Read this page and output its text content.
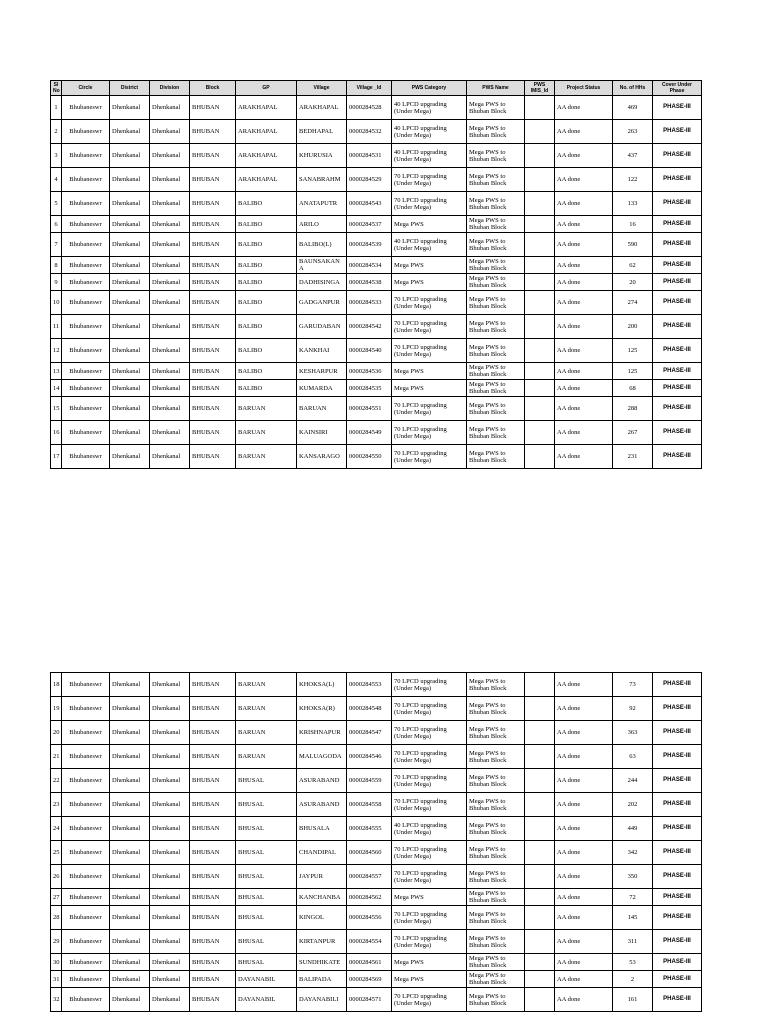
Sl No	Circle	District	Division	Block	GP	Village	Village _Id	PWS Category	PWS Name	PWS IMIS_Id	Project Status	No. of HHs	Cover Under Phase
1	Bhubaneswr	Dhenkanal	Dhenkanal	BHUBAN	ARAKHAPAL	ARAKHAPAL	0000284528	40 LPCD upgrading (Under Mega)	Mega PWS to Bhuban Block		AA done	469	PHASE-III
2	Bhubaneswr	Dhenkanal	Dhenkanal	BHUBAN	ARAKHAPAL	BEDHAPAL	0000284532	40 LPCD upgrading (Under Mega)	Mega PWS to Bhuban Block		AA done	263	PHASE-III
3	Bhubaneswr	Dhenkanal	Dhenkanal	BHUBAN	ARAKHAPAL	KHURUSIA	0000284531	40 LPCD upgrading (Under Mega)	Mega PWS to Bhuban Block		AA done	437	PHASE-III
4	Bhubaneswr	Dhenkanal	Dhenkanal	BHUBAN	ARAKHAPAL	SANABRAHM	0000284529	70 LPCD upgrading (Under Mega)	Mega PWS to Bhuban Block		AA done	122	PHASE-III
5	Bhubaneswr	Dhenkanal	Dhenkanal	BHUBAN	BALIBO	ANATAPUTR	0000284543	70 LPCD upgrading (Under Mega)	Mega PWS to Bhuban Block		AA done	133	PHASE-III
6	Bhubaneswr	Dhenkanal	Dhenkanal	BHUBAN	BALIBO	ARILO	0000284537	Mega PWS	Mega PWS to Bhuban Block		AA done	16	PHASE-III
7	Bhubaneswr	Dhenkanal	Dhenkanal	BHUBAN	BALIBO	BALIBO(L)	0000284539	40 LPCD upgrading (Under Mega)	Mega PWS to Bhuban Block		AA done	590	PHASE-III
8	Bhubaneswr	Dhenkanal	Dhenkanal	BHUBAN	BALIBO	BAUNSAKAN A	0000284534	Mega PWS	Mega PWS to Bhuban Block		AA done	62	PHASE-III
9	Bhubaneswr	Dhenkanal	Dhenkanal	BHUBAN	BALIBO	DADHISINGA	0000284538	Mega PWS	Mega PWS to Bhuban Block		AA done	20	PHASE-III
10	Bhubaneswr	Dhenkanal	Dhenkanal	BHUBAN	BALIBO	GADGANPUR	0000284533	70 LPCD upgrading (Under Mega)	Mega PWS to Bhuban Block		AA done	274	PHASE-III
11	Bhubaneswr	Dhenkanal	Dhenkanal	BHUBAN	BALIBO	GARUDABAN	0000284542	70 LPCD upgrading (Under Mega)	Mega PWS to Bhuban Block		AA done	200	PHASE-III
12	Bhubaneswr	Dhenkanal	Dhenkanal	BHUBAN	BALIBO	KANKHAI	0000284540	70 LPCD upgrading (Under Mega)	Mega PWS to Bhuban Block		AA done	125	PHASE-III
13	Bhubaneswr	Dhenkanal	Dhenkanal	BHUBAN	BALIBO	KESHARPUR	0000284536	Mega PWS	Mega PWS to Bhuban Block		AA done	125	PHASE-III
14	Bhubaneswr	Dhenkanal	Dhenkanal	BHUBAN	BALIBO	KUMARDA	0000284535	Mega PWS	Mega PWS to Bhuban Block		AA done	68	PHASE-III
15	Bhubaneswr	Dhenkanal	Dhenkanal	BHUBAN	BARUAN	BARUAN	0000284551	70 LPCD upgrading (Under Mega)	Mega PWS to Bhuban Block		AA done	288	PHASE-III
16	Bhubaneswr	Dhenkanal	Dhenkanal	BHUBAN	BARUAN	KAINSIRI	0000284549	70 LPCD upgrading (Under Mega)	Mega PWS to Bhuban Block		AA done	267	PHASE-III
17	Bhubaneswr	Dhenkanal	Dhenkanal	BHUBAN	BARUAN	KANSARAGO	0000284550	70 LPCD upgrading (Under Mega)	Mega PWS to Bhuban Block		AA done	231	PHASE-III
18	Bhubaneswr	Dhenkanal	Dhenkanal	BHUBAN	BARUAN	KHOKSA(L)	0000284553	70 LPCD upgrading (Under Mega)	Mega PWS to Bhuban Block		AA done	73	PHASE-III
19	Bhubaneswr	Dhenkanal	Dhenkanal	BHUBAN	BARUAN	KHOKSA(R)	0000284548	70 LPCD upgrading (Under Mega)	Mega PWS to Bhuban Block		AA done	92	PHASE-III
20	Bhubaneswr	Dhenkanal	Dhenkanal	BHUBAN	BARUAN	KRISHNAPUR	0000284547	70 LPCD upgrading (Under Mega)	Mega PWS to Bhuban Block		AA done	363	PHASE-III
21	Bhubaneswr	Dhenkanal	Dhenkanal	BHUBAN	BARUAN	MALUAGODA	0000284546	70 LPCD upgrading (Under Mega)	Mega PWS to Bhuban Block		AA done	63	PHASE-III
22	Bhubaneswr	Dhenkanal	Dhenkanal	BHUBAN	BHUSAL	ASURABAND	0000284559	70 LPCD upgrading (Under Mega)	Mega PWS to Bhuban Block		AA done	244	PHASE-III
23	Bhubaneswr	Dhenkanal	Dhenkanal	BHUBAN	BHUSAL	ASURABAND	0000284558	70 LPCD upgrading (Under Mega)	Mega PWS to Bhuban Block		AA done	202	PHASE-III
24	Bhubaneswr	Dhenkanal	Dhenkanal	BHUBAN	BHUSAL	BHUSALA	0000284555	40 LPCD upgrading (Under Mega)	Mega PWS to Bhuban Block		AA done	449	PHASE-III
25	Bhubaneswr	Dhenkanal	Dhenkanal	BHUBAN	BHUSAL	CHANDIPAL	0000284560	70 LPCD upgrading (Under Mega)	Mega PWS to Bhuban Block		AA done	342	PHASE-III
26	Bhubaneswr	Dhenkanal	Dhenkanal	BHUBAN	BHUSAL	JAYPUR	0000284557	70 LPCD upgrading (Under Mega)	Mega PWS to Bhuban Block		AA done	350	PHASE-III
27	Bhubaneswr	Dhenkanal	Dhenkanal	BHUBAN	BHUSAL	KANCHANBA	0000284562	Mega PWS	Mega PWS to Bhuban Block		AA done	72	PHASE-III
28	Bhubaneswr	Dhenkanal	Dhenkanal	BHUBAN	BHUSAL	KINGOL	0000284556	70 LPCD upgrading (Under Mega)	Mega PWS to Bhuban Block		AA done	145	PHASE-III
29	Bhubaneswr	Dhenkanal	Dhenkanal	BHUBAN	BHUSAL	KIRTANPUR	0000284554	70 LPCD upgrading (Under Mega)	Mega PWS to Bhuban Block		AA done	311	PHASE-III
30	Bhubaneswr	Dhenkanal	Dhenkanal	BHUBAN	BHUSAL	SUNDHIKATE	0000284561	Mega PWS	Mega PWS to Bhuban Block		AA done	53	PHASE-III
31	Bhubaneswr	Dhenkanal	Dhenkanal	BHUBAN	DAYANABIL	BALIPADA	0000284569	Mega PWS	Mega PWS to Bhuban Block		AA done	2	PHASE-III
32	Bhubaneswr	Dhenkanal	Dhenkanal	BHUBAN	DAYANABIL	DAYANABILI	0000284571	70 LPCD upgrading (Under Mega)	Mega PWS to Bhuban Block		AA done	161	PHASE-III
